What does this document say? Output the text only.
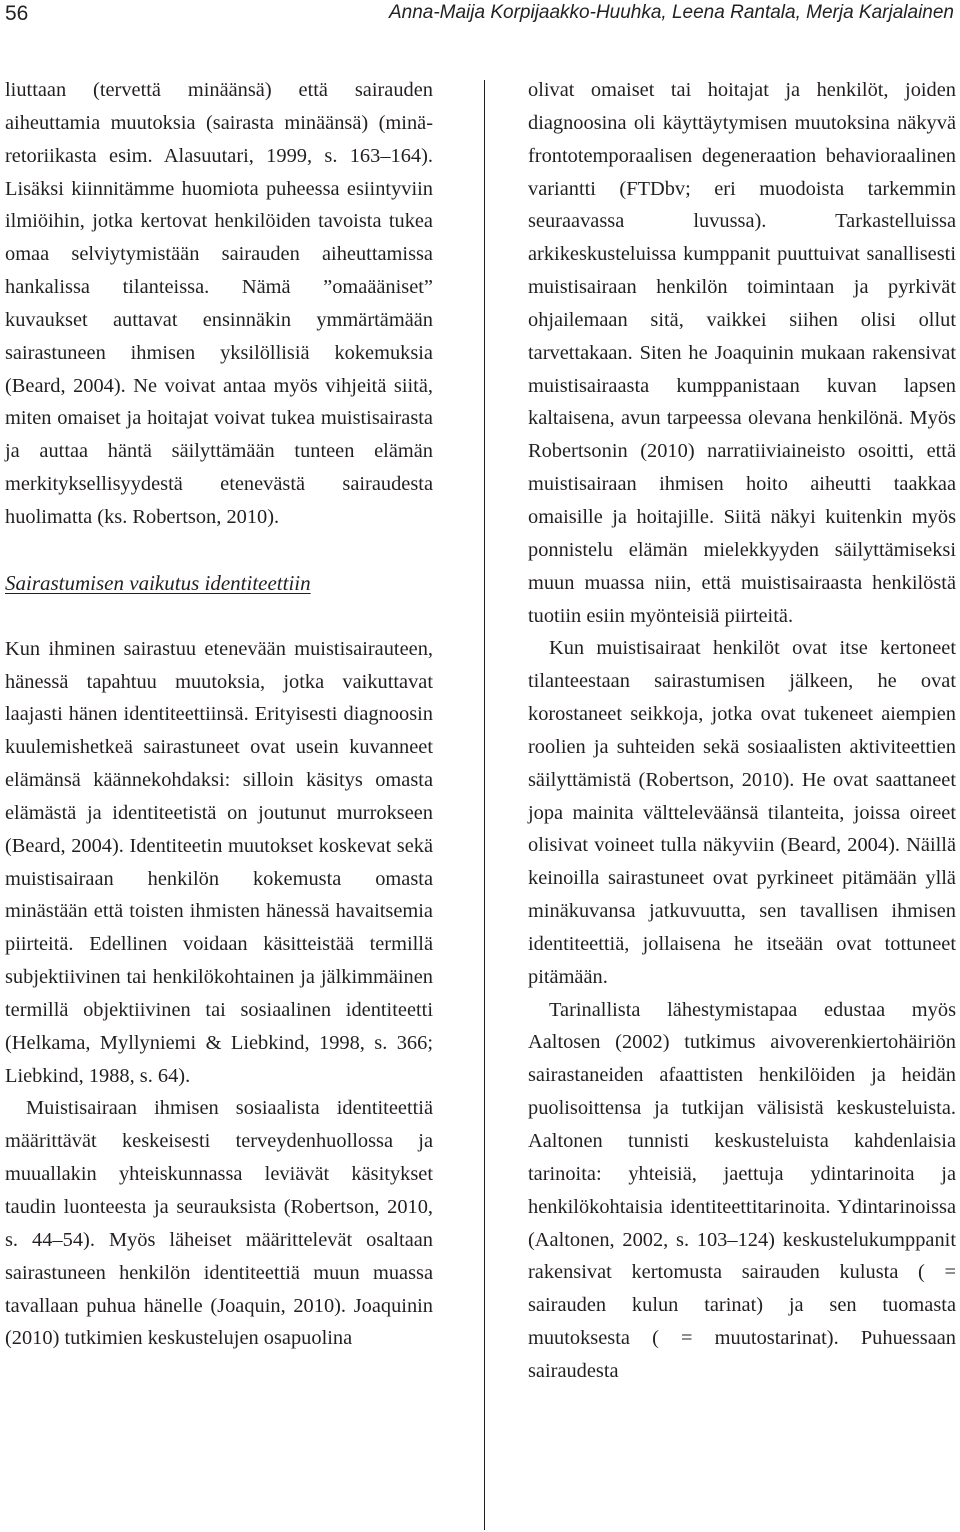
56	Anna-Maija Korpijaakko-Huuhka, Leena Rantala, Merja Karjalainen

liuttaan (tervettä minäänsä) että sairauden aiheuttamia muutoksia (sairasta minäänsä) (minä-retoriikasta esim. Alasuutari, 1999, s. 163–164). Lisäksi kiinnitämme huomiota puheessa esiintyviin ilmiöihin, jotka kertovat henkilöiden tavoista tukea omaa selviytymistään sairauden aiheuttamissa hankalissa tilanteissa. Nämä ”omaääniset” kuvaukset auttavat ensinnäkin ymmärtämään sairastuneen ihmisen yksilöllisiä kokemuksia (Beard, 2004). Ne voivat antaa myös vihjeitä siitä, miten omaiset ja hoitajat voivat tukea muistisairasta ja auttaa häntä säilyttämään tunteen elämän merkityksellisyydestä etenevästä sairaudesta huolimatta (ks. Robertson, 2010).

Sairastumisen vaikutus identiteettiin

Kun ihminen sairastuu etenevään muistisairauteen, hänessä tapahtuu muutoksia, jotka vaikuttavat laajasti hänen identiteettiinsä. Erityisesti diagnoosin kuulemishetkeä sairastuneet ovat usein kuvanneet elämänsä käännekohdaksi: silloin käsitys omasta elämästä ja identiteetistä on joutunut murrokseen (Beard, 2004). Identiteetin muutokset koskevat sekä muistisairaan henkilön kokemusta omasta minästään että toisten ihmisten hänessä havaitsemia piirteitä. Edellinen voidaan käsitteistää termillä subjektiivinen tai henkilökohtainen ja jälkimmäinen termillä objektiivinen tai sosiaalinen identiteetti (Helkama, Myllyniemi & Liebkind, 1998, s. 366; Liebkind, 1988, s. 64).

Muistisairaan ihmisen sosiaalista identiteettiä määrittävät keskeisesti terveydenhuollossa ja muuallakin yhteiskunnassa leviävät käsitykset taudin luonteesta ja seurauksista (Robertson, 2010, s. 44–54). Myös läheiset määrittelevät osaltaan sairastuneen henkilön identiteettiä muun muassa tavallaan puhua hänelle (Joaquin, 2010). Joaquinin (2010) tutkimien keskustelujen osapuolina

olivat omaiset tai hoitajat ja henkilöt, joiden diagnoosina oli käyttäytymisen muutoksina näkyvä frontotemporaalisen degeneraation behavioraalinen variantti (FTDbv; eri muodoista tarkemmin seuraavassa luvussa). Tarkastelluissa arkikeskusteluissa kumppanit puuttuivat sanallisesti muistisairaan henkilön toimintaan ja pyrkivät ohjailemaan sitä, vaikkei siihen olisi ollut tarvettakaan. Siten he Joaquinin mukaan rakensivat muistisairaasta kumppanistaan kuvan lapsen kaltaisena, avun tarpeessa olevana henkilönä. Myös Robertsonin (2010) narratiiviaineisto osoitti, että muistisairaan ihmisen hoito aiheutti taakkaa omaisille ja hoitajille. Siitä näkyi kuitenkin myös ponnistelu elämän mielekkyyden säilyttämiseksi muun muassa niin, että muistisairaasta henkilöstä tuotiin esiin myönteisiä piirteitä.

Kun muistisairaat henkilöt ovat itse kertoneet tilanteestaan sairastumisen jälkeen, he ovat korostaneet seikkoja, jotka ovat tukeneet aiempien roolien ja suhteiden sekä sosiaalisten aktiviteettien säilyttämistä (Robertson, 2010). He ovat saattaneet jopa mainita vältteleväänsä tilanteita, joissa oireet olisivat voineet tulla näkyviin (Beard, 2004). Näillä keinoilla sairastuneet ovat pyrkineet pitämään yllä minäkuvansa jatkuvuutta, sen tavallisen ihmisen identiteettiä, jollaisena he itseään ovat tottuneet pitämään.

Tarinallista lähestymistapaa edustaa myös Aaltosen (2002) tutkimus aivoverenkiertohäiriön sairastaneiden afaattisten henkilöiden ja heidän puolisoittensa ja tutkijan välisistä keskusteluista. Aaltonen tunnisti keskusteluista kahdenlaisia tarinoita: yhteisiä, jaettuja ydintarinoita ja henkilökohtaisia identiteettitarinoita. Ydintarinoissa (Aaltonen, 2002, s. 103–124) keskustelukumppanit rakensivat kertomusta sairauden kulusta ( = sairauden kulun tarinat) ja sen tuomasta muutoksesta ( = muutostarinat). Puhuessaan sairaudesta
